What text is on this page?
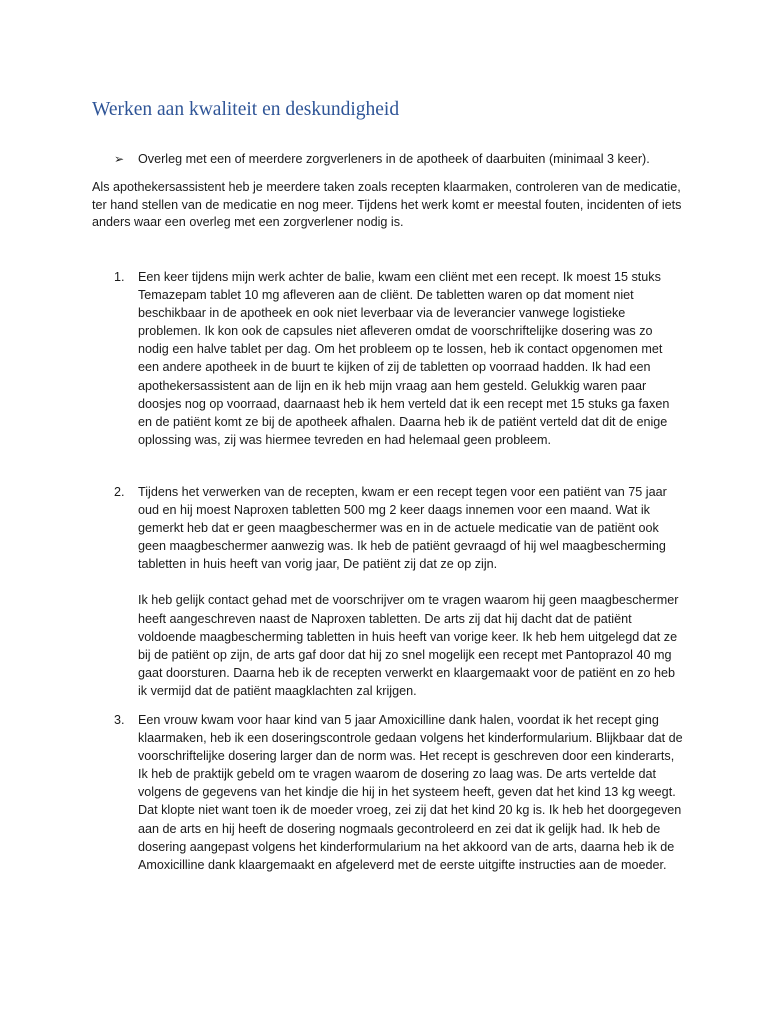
Werken aan kwaliteit en deskundigheid
➢ Overleg met een of meerdere zorgverleners in de apotheek of daarbuiten (minimaal 3 keer).

Als apothekersassistent heb je meerdere taken zoals recepten klaarmaken, controleren van de medicatie, ter hand stellen van de medicatie en nog meer. Tijdens het werk komt er meestal fouten, incidenten of iets anders waar een overleg met een zorgverlener nodig is.

1. Een keer tijdens mijn werk achter de balie, kwam een cliënt met een recept. Ik moest 15 stuks Temazepam tablet 10 mg afleveren aan de cliënt. De tabletten waren op dat moment niet beschikbaar in de apotheek en ook niet leverbaar via de leverancier vanwege logistieke problemen. Ik kon ook de capsules niet afleveren omdat de voorschriftelijke dosering was zo nodig een halve tablet per dag. Om het probleem op te lossen, heb ik contact opgenomen met een andere apotheek in de buurt te kijken of zij de tabletten op voorraad hadden. Ik had een apothekersassistent aan de lijn en ik heb mijn vraag aan hem gesteld. Gelukkig waren paar doosjes nog op voorraad, daarnaast heb ik hem verteld dat ik een recept met 15 stuks ga faxen en de patiënt komt ze bij de apotheek afhalen. Daarna heb ik de patiënt verteld dat dit de enige oplossing was, zij was hiermee tevreden en had helemaal geen probleem.

2. Tijdens het verwerken van de recepten, kwam er een recept tegen voor een patiënt van 75 jaar oud en hij moest Naproxen tabletten 500 mg 2 keer daags innemen voor een maand. Wat ik gemerkt heb dat er geen maagbeschermer was en in de actuele medicatie van de patiënt ook geen maagbeschermer aanwezig was. Ik heb de patiënt gevraagd of hij wel maagbescherming tabletten in huis heeft van vorig jaar, De patiënt zij dat ze op zijn.

Ik heb gelijk contact gehad met de voorschrijver om te vragen waarom hij geen maagbeschermer heeft aangeschreven naast de Naproxen tabletten. De arts zij dat hij dacht dat de patiënt voldoende maagbescherming tabletten in huis heeft van vorige keer. Ik heb hem uitgelegd dat ze bij de patiënt op zijn, de arts gaf door dat hij zo snel mogelijk een recept met Pantoprazol 40 mg gaat doorsturen. Daarna heb ik de recepten verwerkt en klaargemaakt voor de patiënt en zo heb ik vermijd dat de patiënt maagklachten zal krijgen.

3. Een vrouw kwam voor haar kind van 5 jaar Amoxicilline dank halen, voordat ik het recept ging klaarmaken, heb ik een doseringscontrole gedaan volgens het kinderformularium. Blijkbaar dat de voorschriftelijke dosering larger dan de norm was. Het recept is geschreven door een kinderarts, Ik heb de praktijk gebeld om te vragen waarom de dosering zo laag was. De arts vertelde dat volgens de gegevens van het kindje die hij in het systeem heeft, geven dat het kind 13 kg weegt. Dat klopte niet want toen ik de moeder vroeg, zei zij dat het kind 20 kg is. Ik heb het doorgegeven aan de arts en hij heeft de dosering nogmaals gecontroleerd en zei dat ik gelijk had. Ik heb de dosering aangepast volgens het kinderformularium na het akkoord van de arts, daarna heb ik de Amoxicilline dank klaargemaakt en afgeleverd met de eerste uitgifte instructies aan de moeder.
